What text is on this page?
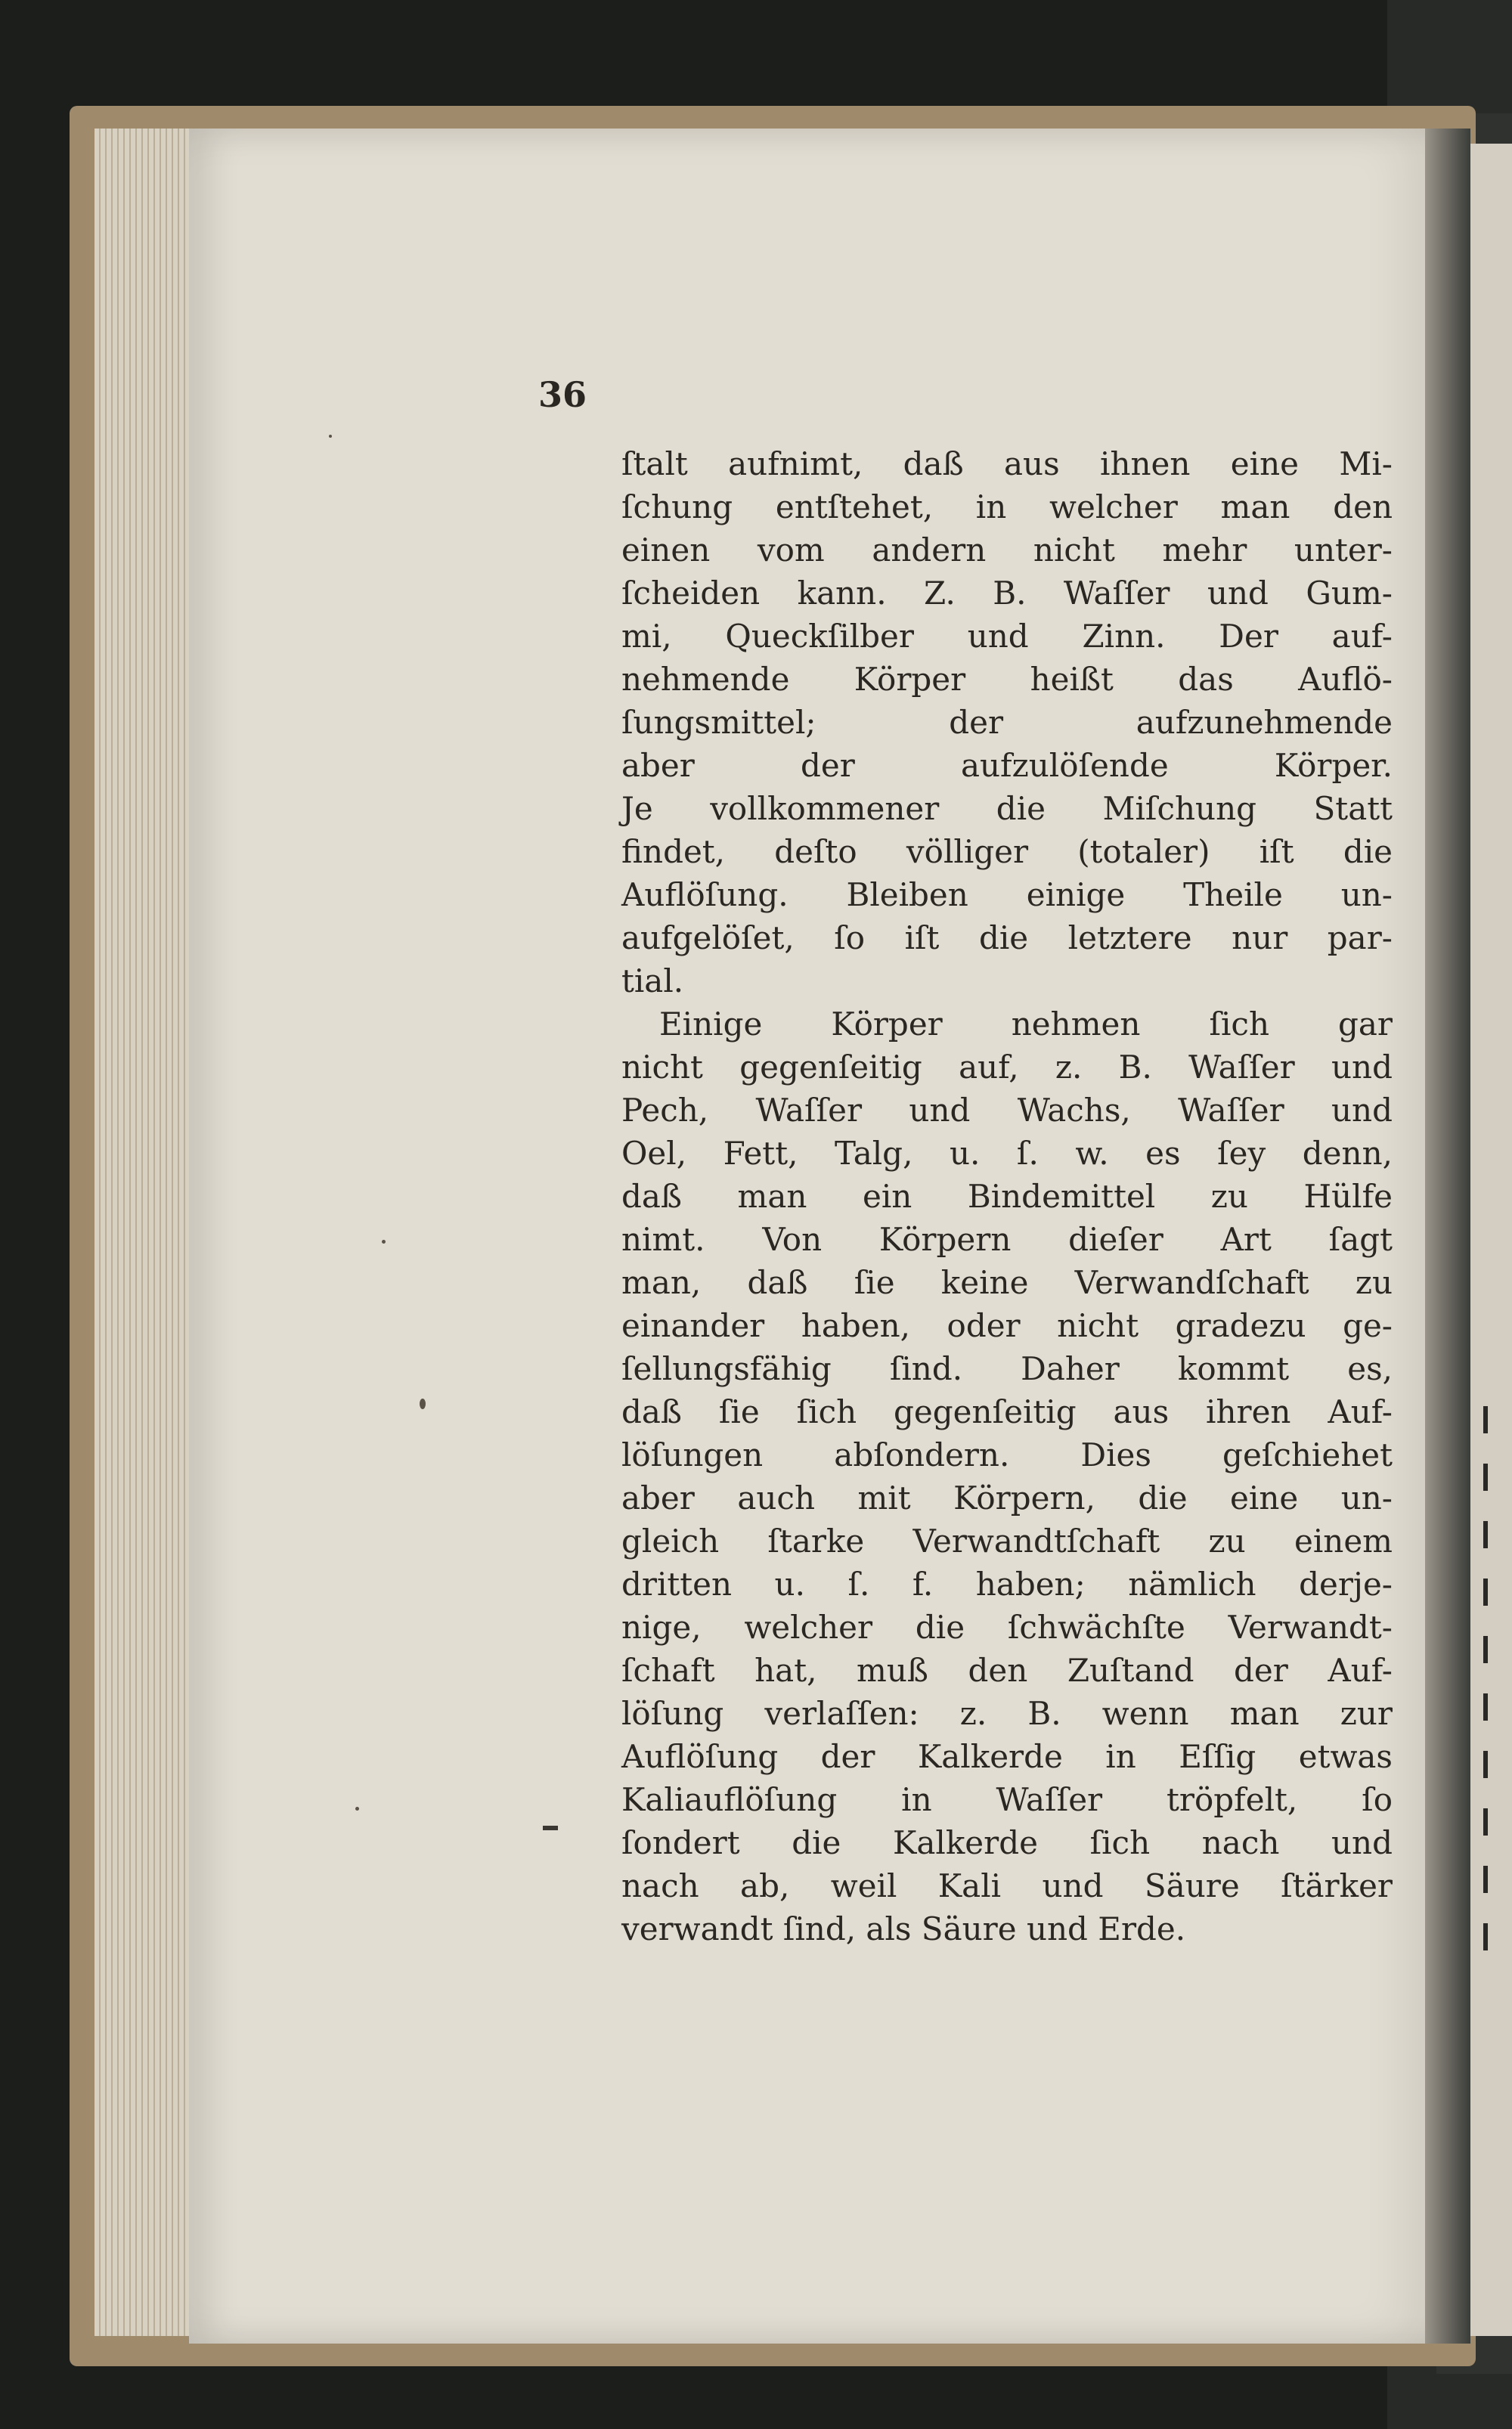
36
ſtalt aufnimt, daß aus ihnen eine Mi-
ſchung entſtehet, in welcher man den
einen vom andern nicht mehr unter-
ſcheiden kann. Z. B. Waſſer und Gum-
mi, Queckſilber und Zinn. Der auf-
nehmende Körper heißt das Auflö-
ſungsmittel; der aufzunehmende
aber der aufzulöſende Körper.
Je vollkommener die Miſchung Statt
findet, deſto völliger (totaler) iſt die
Auflöſung. Bleiben einige Theile un-
aufgelöſet, ſo iſt die letztere nur par-
tial.
Einige Körper nehmen ſich gar
nicht gegenſeitig auf, z. B. Waſſer und
Pech, Waſſer und Wachs, Waſſer und
Oel, Fett, Talg, u. ſ. w. es ſey denn,
daß man ein Bindemittel zu Hülfe
nimt. Von Körpern dieſer Art ſagt
man, daß ſie keine Verwandſchaft zu
einander haben, oder nicht gradezu ge-
ſellungsfähig ſind. Daher kommt es,
daß ſie ſich gegenſeitig aus ihren Auf-
löſungen abſondern. Dies geſchiehet
aber auch mit Körpern, die eine un-
gleich ſtarke Verwandtſchaft zu einem
dritten u. ſ. f. haben; nämlich derje-
nige, welcher die ſchwächſte Verwandt-
ſchaft hat, muß den Zuſtand der Auf-
löſung verlaſſen: z. B. wenn man zur
Auflöſung der Kalkerde in Eſſig etwas
Kaliauflöſung in Waſſer tröpfelt, ſo
ſondert die Kalkerde ſich nach und
nach ab, weil Kali und Säure ſtärker
verwandt ſind, als Säure und Erde.
